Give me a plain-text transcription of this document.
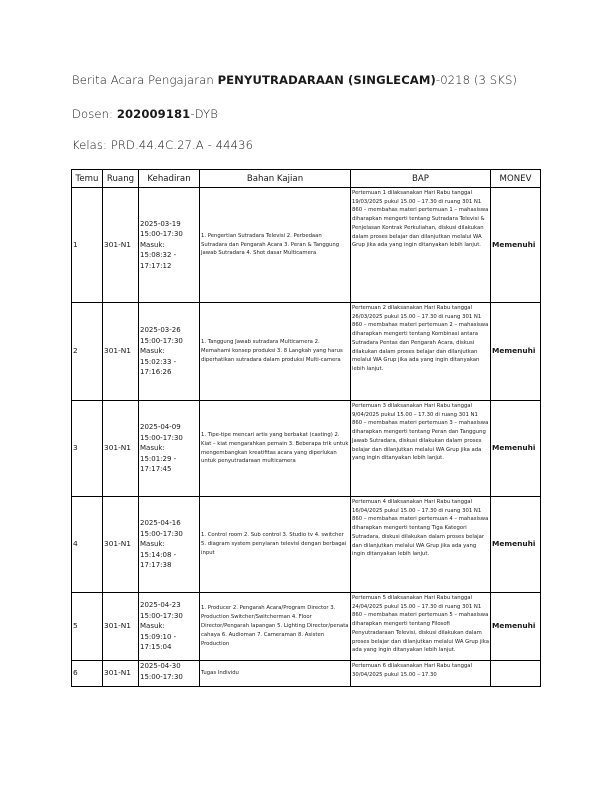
Berita Acara Pengajaran PENYUTRADARAAN (SINGLECAM)-0218 (3 SKS)
Dosen: 202009181-DYB
Kelas: PRD.44.4C.27.A - 44436
Temu	Ruang	Kehadiran	Bahan Kajian	BAP	MONEV
1	301-N1	2025-03-19 15:00-17:30 Masuk: 15:08:32 - 17:17:12	1. Pengertian Sutradara Televisi 2. Perbedaan Sutradara dan Pengarah Acara 3. Peran & Tanggung Jawab Sutradara 4. Shot dasar Multicamera	Pertemuan 1 dilaksanakan Hari Rabu tanggal 19/03/2025 pukul 15.00 – 17.30 di ruang 301 N1 860 – membahas materi pertemuan 1 – mahasiswa diharapkan mengerti tentang Sutradara Televisi & Penjelasan Kontrak Perkuliahan, diskusi dilakukan dalam proses belajar dan dilanjutkan melalui WA Grup jika ada yang ingin ditanyakan lebih lanjut.	Memenuhi
2	301-N1	2025-03-26 15:00-17:30 Masuk: 15:02:33 - 17:16:26	1. Tanggung Jawab sutradara Multicamera 2. Memahami konsep produksi 3. 8 Langkah yang harus diperhatikan sutradara dalam produksi Multi-camera	Pertemuan 2 dilaksanakan Hari Rabu tanggal 26/03/2025 pukul 15.00 – 17.30 di ruang 301 N1 860 – membahas materi pertemuan 2 – mahasiswa diharapkan mengerti tentang Kombinasi antara Sutradara Pentas dan Pengarah Acara, diskusi dilakukan dalam proses belajar dan dilanjutkan melalui WA Grup jika ada yang ingin ditanyakan lebih lanjut.	Memenuhi
3	301-N1	2025-04-09 15:00-17:30 Masuk: 15:01:29 - 17:17:45	1. Tipe-tipe mencari artis yang berbakat (casting) 2. Kiat – kiat mengarahkan pemain 3. Beberapa trik untuk mengembangkan kreatifitas acara yang diperlukan untuk penyutradaraan multicamera	Pertemuan 3 dilaksanakan Hari Rabu tanggal 9/04/2025 pukul 15.00 – 17.30 di ruang 301 N1 860 – membahas materi pertemuan 3 – mahasiswa diharapkan mengerti tentang Peran dan Tanggung Jawab Sutradara, diskusi dilakukan dalam proses belajar dan dilanjutkan melalui WA Grup jika ada yang ingin ditanyakan lebih lanjut.	Memenuhi
4	301-N1	2025-04-16 15:00-17:30 Masuk: 15:14:08 - 17:17:38	1. Control room 2. Sub control 3. Studio tv 4. switcher 5. diagram system penyiaran televisi dengan berbagai input	Pertemuan 4 dilaksanakan Hari Rabu tanggal 16/04/2025 pukul 15.00 – 17.30 di ruang 301 N1 860 – membahas materi pertemuan 4 – mahasiswa diharapkan mengerti tentang Tiga Kategori Sutradara, diskusi dilakukan dalam proses belajar dan dilanjutkan melalui WA Grup jika ada yang ingin ditanyakan lebih lanjut.	Memenuhi
5	301-N1	2025-04-23 15:00-17:30 Masuk: 15:09:10 - 17:15:04	1. Producer 2. Pengarah Acara/Program Director 3. Production Switcher/Switcherman 4. Floor Director/Pengarah lapangan 5. Lighting Director/penata cahaya 6. Audioman 7. Cameraman 8. Asisten Production	Pertemuan 5 dilaksanakan Hari Rabu tanggal 24/04/2025 pukul 15.00 – 17.30 di ruang 301 N1 860 – membahas materi pertemuan 5 – mahasiswa diharapkan mengerti tentang Filosofi Penyutradaraan Televisi, diskusi dilakukan dalam proses belajar dan dilanjutkan melalui WA Grup jika ada yang ingin ditanyakan lebih lanjut.	Memenuhi
6	301-N1	2025-04-30 15:00-17:30	Tugas Individu	Pertemuan 6 dilaksanakan Hari Rabu tanggal 30/04/2025 pukul 15.00 – 17.30	
